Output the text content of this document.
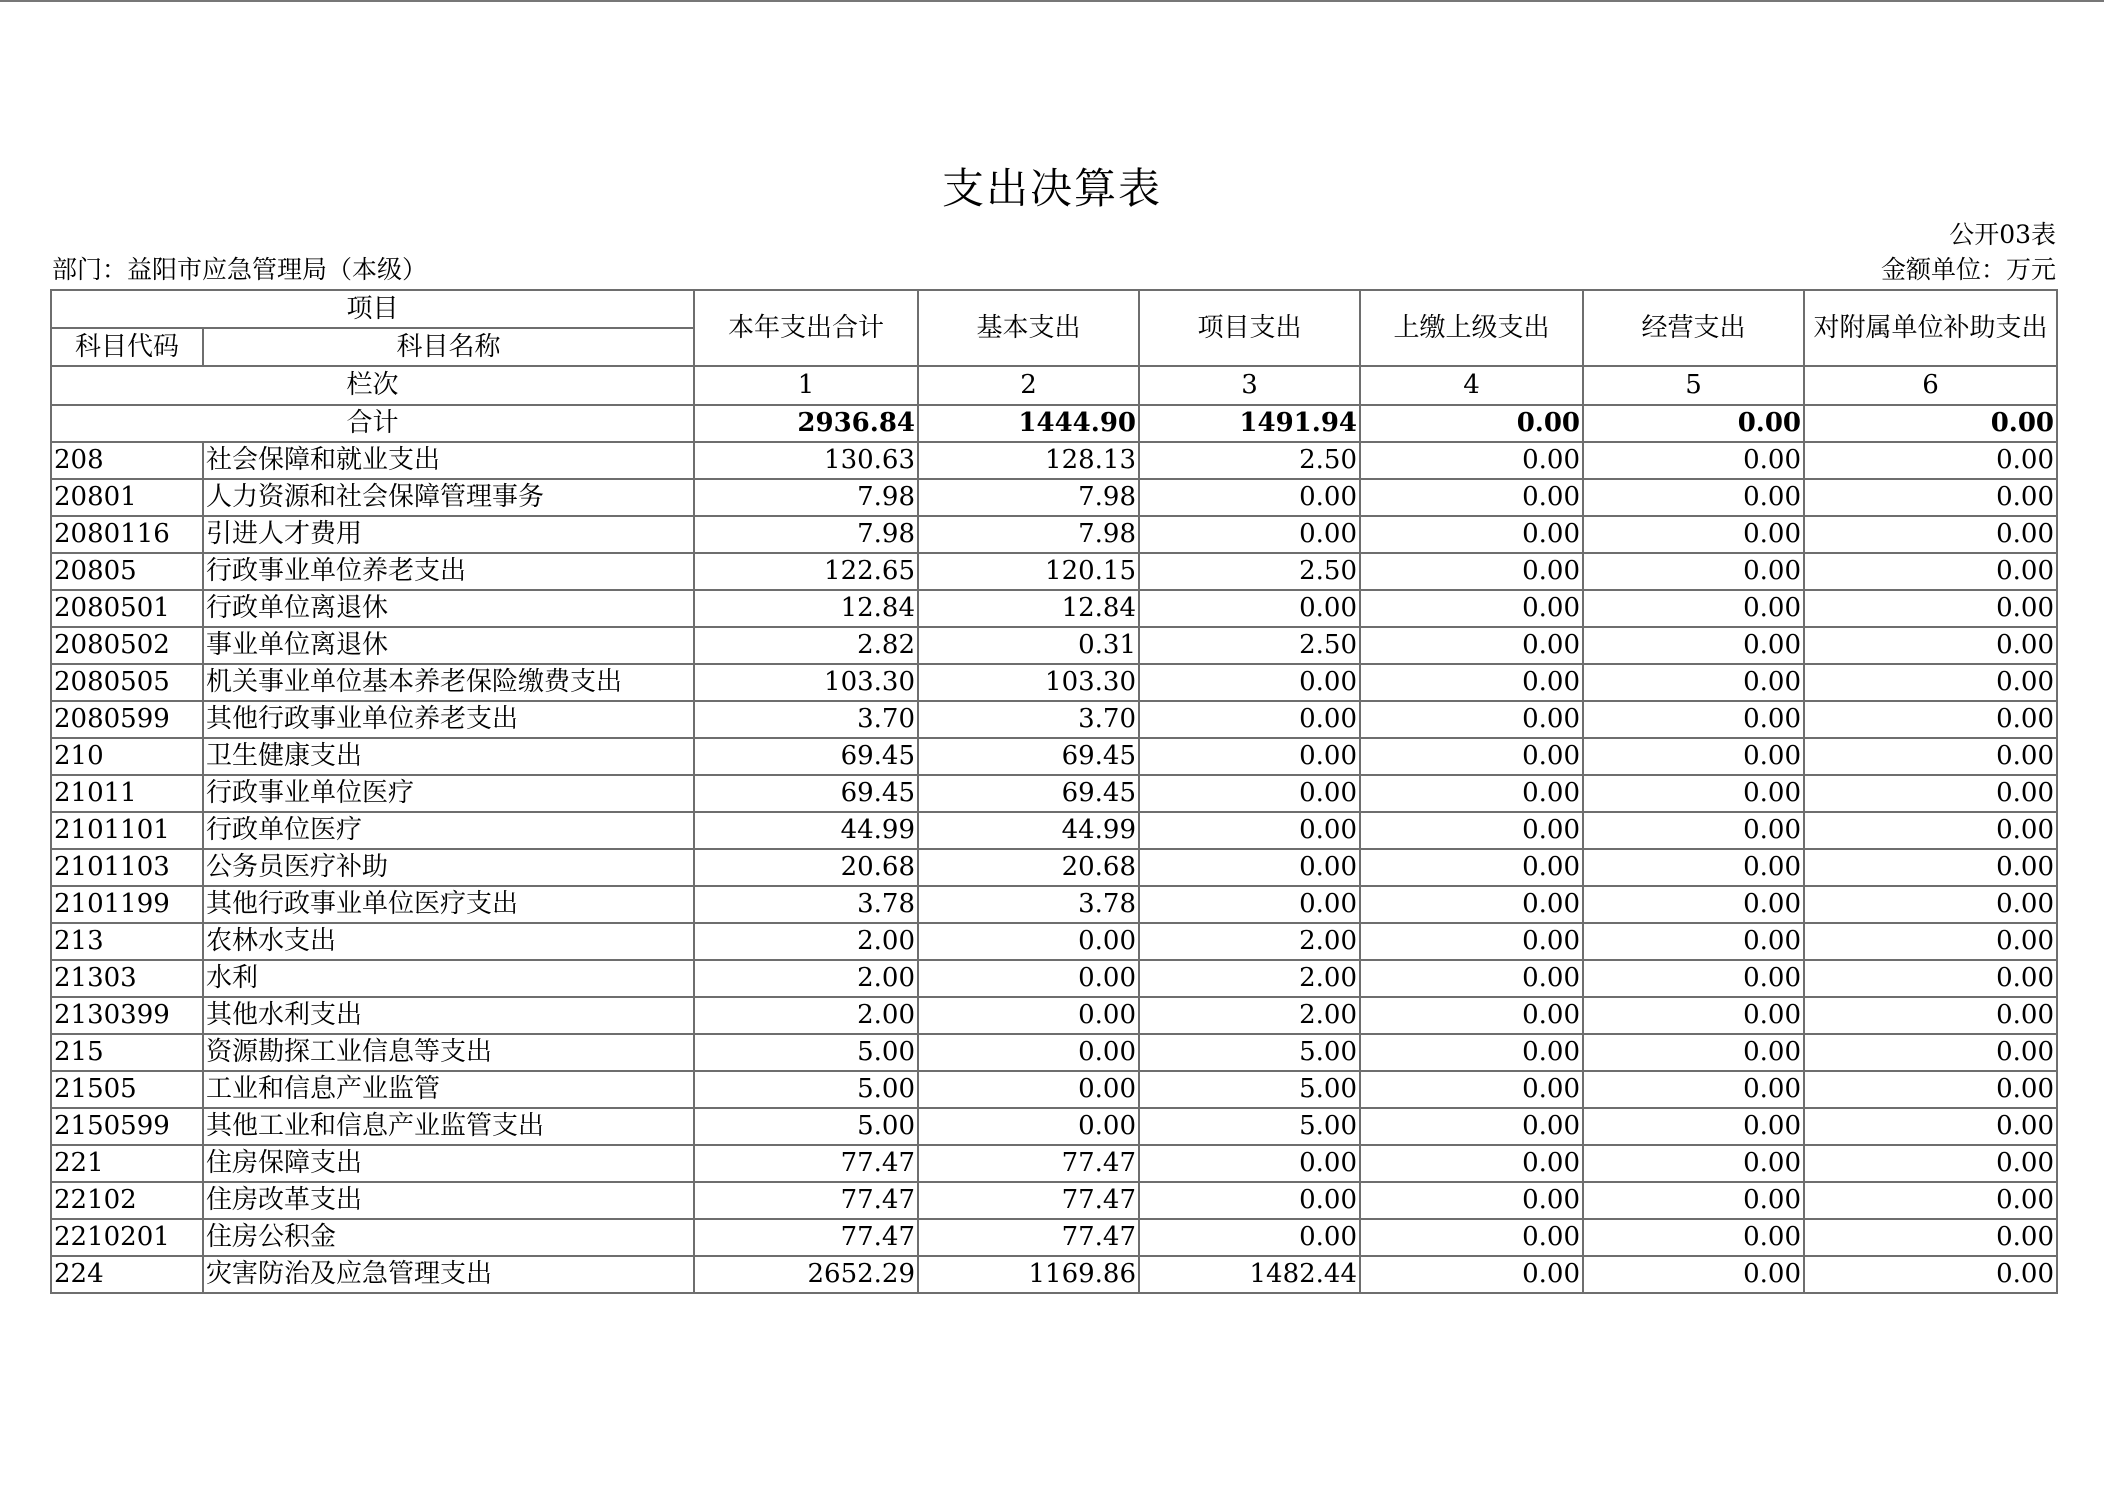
支出决算表
公开03表
部门：益阳市应急管理局（本级）	金额单位：万元
项目		本年支出合计	基本支出	项目支出	上缴上级支出	经营支出	对附属单位补助支出
科目代码	科目名称						
栏次		1	2	3	4	5	6
合计		2936.84	1444.90	1491.94	0.00	0.00	0.00
208	社会保障和就业支出	130.63	128.13	2.50	0.00	0.00	0.00
20801	人力资源和社会保障管理事务	7.98	7.98	0.00	0.00	0.00	0.00
2080116	引进人才费用	7.98	7.98	0.00	0.00	0.00	0.00
20805	行政事业单位养老支出	122.65	120.15	2.50	0.00	0.00	0.00
2080501	行政单位离退休	12.84	12.84	0.00	0.00	0.00	0.00
2080502	事业单位离退休	2.82	0.31	2.50	0.00	0.00	0.00
2080505	机关事业单位基本养老保险缴费支出	103.30	103.30	0.00	0.00	0.00	0.00
2080599	其他行政事业单位养老支出	3.70	3.70	0.00	0.00	0.00	0.00
210	卫生健康支出	69.45	69.45	0.00	0.00	0.00	0.00
21011	行政事业单位医疗	69.45	69.45	0.00	0.00	0.00	0.00
2101101	行政单位医疗	44.99	44.99	0.00	0.00	0.00	0.00
2101103	公务员医疗补助	20.68	20.68	0.00	0.00	0.00	0.00
2101199	其他行政事业单位医疗支出	3.78	3.78	0.00	0.00	0.00	0.00
213	农林水支出	2.00	0.00	2.00	0.00	0.00	0.00
21303	水利	2.00	0.00	2.00	0.00	0.00	0.00
2130399	其他水利支出	2.00	0.00	2.00	0.00	0.00	0.00
215	资源勘探工业信息等支出	5.00	0.00	5.00	0.00	0.00	0.00
21505	工业和信息产业监管	5.00	0.00	5.00	0.00	0.00	0.00
2150599	其他工业和信息产业监管支出	5.00	0.00	5.00	0.00	0.00	0.00
221	住房保障支出	77.47	77.47	0.00	0.00	0.00	0.00
22102	住房改革支出	77.47	77.47	0.00	0.00	0.00	0.00
2210201	住房公积金	77.47	77.47	0.00	0.00	0.00	0.00
224	灾害防治及应急管理支出	2652.29	1169.86	1482.44	0.00	0.00	0.00
